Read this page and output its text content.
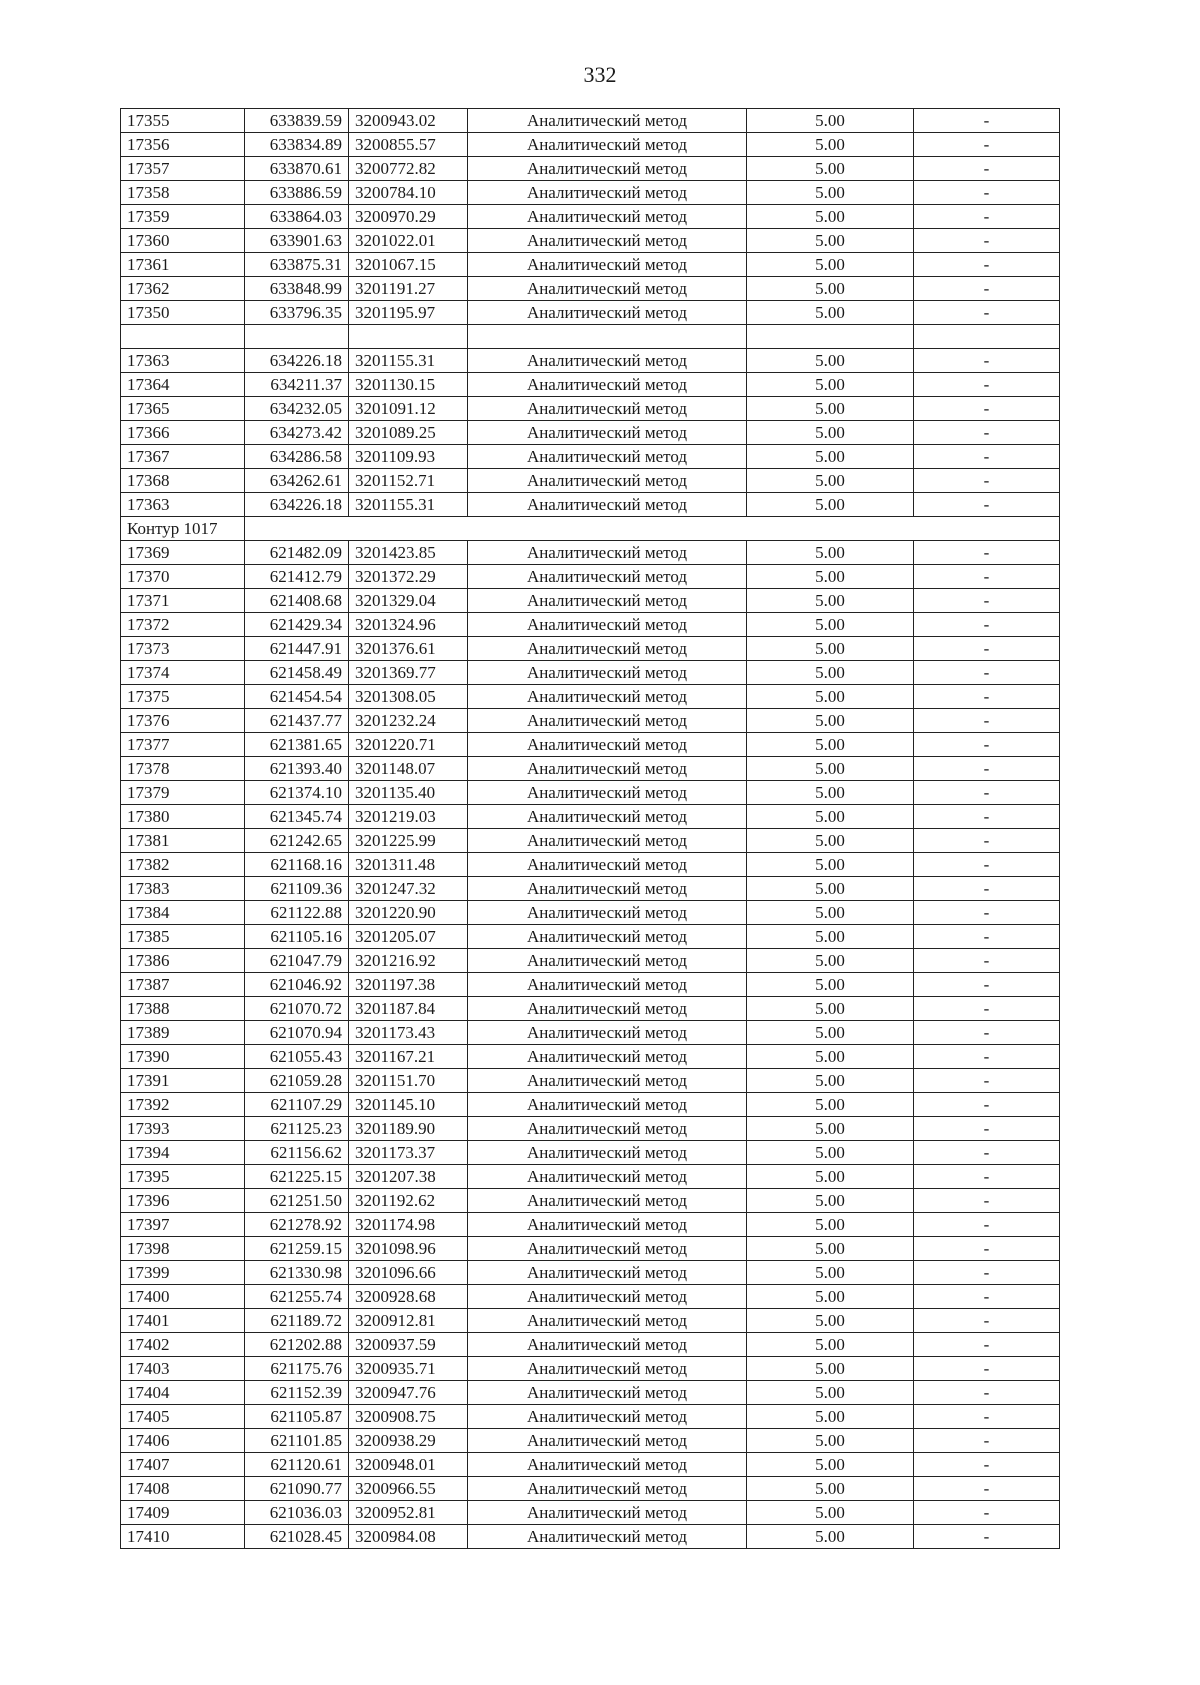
332
17355	633839.59	3200943.02	Аналитический метод	5.00	-
17356	633834.89	3200855.57	Аналитический метод	5.00	-
17357	633870.61	3200772.82	Аналитический метод	5.00	-
17358	633886.59	3200784.10	Аналитический метод	5.00	-
17359	633864.03	3200970.29	Аналитический метод	5.00	-
17360	633901.63	3201022.01	Аналитический метод	5.00	-
17361	633875.31	3201067.15	Аналитический метод	5.00	-
17362	633848.99	3201191.27	Аналитический метод	5.00	-
17350	633796.35	3201195.97	Аналитический метод	5.00	-

17363	634226.18	3201155.31	Аналитический метод	5.00	-
17364	634211.37	3201130.15	Аналитический метод	5.00	-
17365	634232.05	3201091.12	Аналитический метод	5.00	-
17366	634273.42	3201089.25	Аналитический метод	5.00	-
17367	634286.58	3201109.93	Аналитический метод	5.00	-
17368	634262.61	3201152.71	Аналитический метод	5.00	-
17363	634226.18	3201155.31	Аналитический метод	5.00	-
Контур 1017					
17369	621482.09	3201423.85	Аналитический метод	5.00	-
17370	621412.79	3201372.29	Аналитический метод	5.00	-
17371	621408.68	3201329.04	Аналитический метод	5.00	-
17372	621429.34	3201324.96	Аналитический метод	5.00	-
17373	621447.91	3201376.61	Аналитический метод	5.00	-
17374	621458.49	3201369.77	Аналитический метод	5.00	-
17375	621454.54	3201308.05	Аналитический метод	5.00	-
17376	621437.77	3201232.24	Аналитический метод	5.00	-
17377	621381.65	3201220.71	Аналитический метод	5.00	-
17378	621393.40	3201148.07	Аналитический метод	5.00	-
17379	621374.10	3201135.40	Аналитический метод	5.00	-
17380	621345.74	3201219.03	Аналитический метод	5.00	-
17381	621242.65	3201225.99	Аналитический метод	5.00	-
17382	621168.16	3201311.48	Аналитический метод	5.00	-
17383	621109.36	3201247.32	Аналитический метод	5.00	-
17384	621122.88	3201220.90	Аналитический метод	5.00	-
17385	621105.16	3201205.07	Аналитический метод	5.00	-
17386	621047.79	3201216.92	Аналитический метод	5.00	-
17387	621046.92	3201197.38	Аналитический метод	5.00	-
17388	621070.72	3201187.84	Аналитический метод	5.00	-
17389	621070.94	3201173.43	Аналитический метод	5.00	-
17390	621055.43	3201167.21	Аналитический метод	5.00	-
17391	621059.28	3201151.70	Аналитический метод	5.00	-
17392	621107.29	3201145.10	Аналитический метод	5.00	-
17393	621125.23	3201189.90	Аналитический метод	5.00	-
17394	621156.62	3201173.37	Аналитический метод	5.00	-
17395	621225.15	3201207.38	Аналитический метод	5.00	-
17396	621251.50	3201192.62	Аналитический метод	5.00	-
17397	621278.92	3201174.98	Аналитический метод	5.00	-
17398	621259.15	3201098.96	Аналитический метод	5.00	-
17399	621330.98	3201096.66	Аналитический метод	5.00	-
17400	621255.74	3200928.68	Аналитический метод	5.00	-
17401	621189.72	3200912.81	Аналитический метод	5.00	-
17402	621202.88	3200937.59	Аналитический метод	5.00	-
17403	621175.76	3200935.71	Аналитический метод	5.00	-
17404	621152.39	3200947.76	Аналитический метод	5.00	-
17405	621105.87	3200908.75	Аналитический метод	5.00	-
17406	621101.85	3200938.29	Аналитический метод	5.00	-
17407	621120.61	3200948.01	Аналитический метод	5.00	-
17408	621090.77	3200966.55	Аналитический метод	5.00	-
17409	621036.03	3200952.81	Аналитический метод	5.00	-
17410	621028.45	3200984.08	Аналитический метод	5.00	-
